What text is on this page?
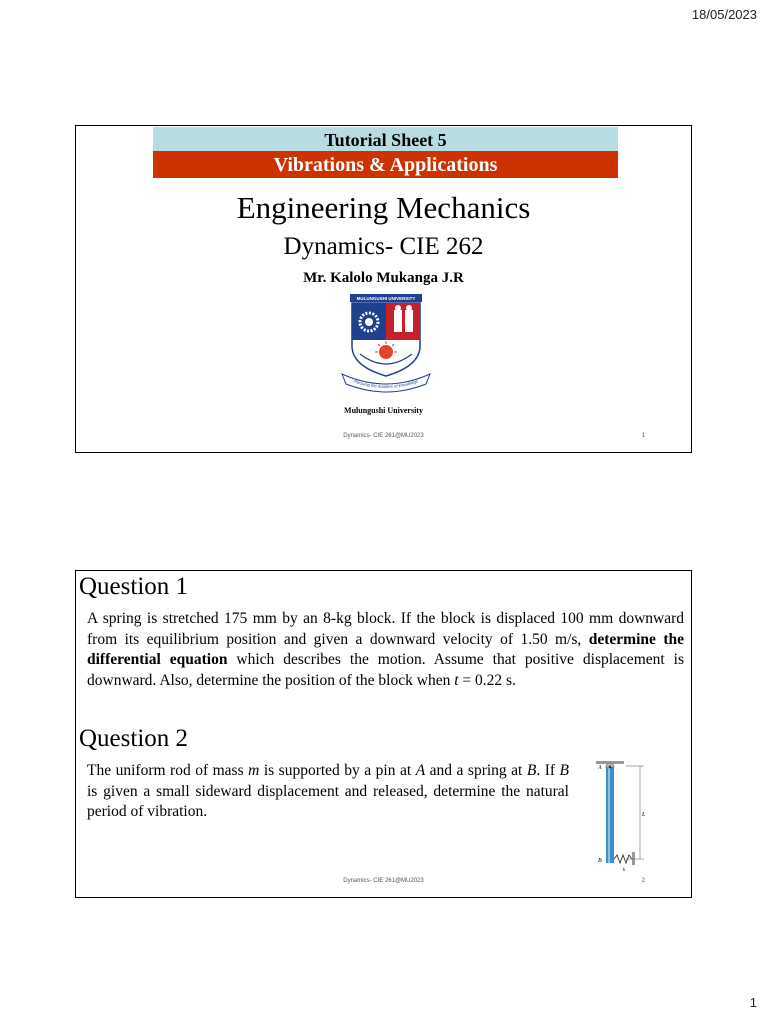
18/05/2023
Tutorial Sheet 5
Vibrations & Applications
Engineering Mechanics
Dynamics- CIE 262
Mr. Kalolo Mukanga J.R
MULUNGUSHI UNIVERSITY
Pursuing the frontiers of knowledge
Mulungushi University
Dynamics- CIE 261@MU2023	1
Question 1
A spring is stretched 175 mm by an 8-kg block. If the block is displaced 100 mm downward from its equilibrium position and given a downward velocity of 1.50 m/s, determine the differential equation which describes the motion. Assume that positive displacement is downward. Also, determine the position of the block when t = 0.22 s.
Question 2
The uniform rod of mass m is supported by a pin at A and a spring at B. If B is given a small sideward displacement and released, determine the natural period of vibration.
A
B
L
k
Dynamics- CIE 261@MU2023	2
1
